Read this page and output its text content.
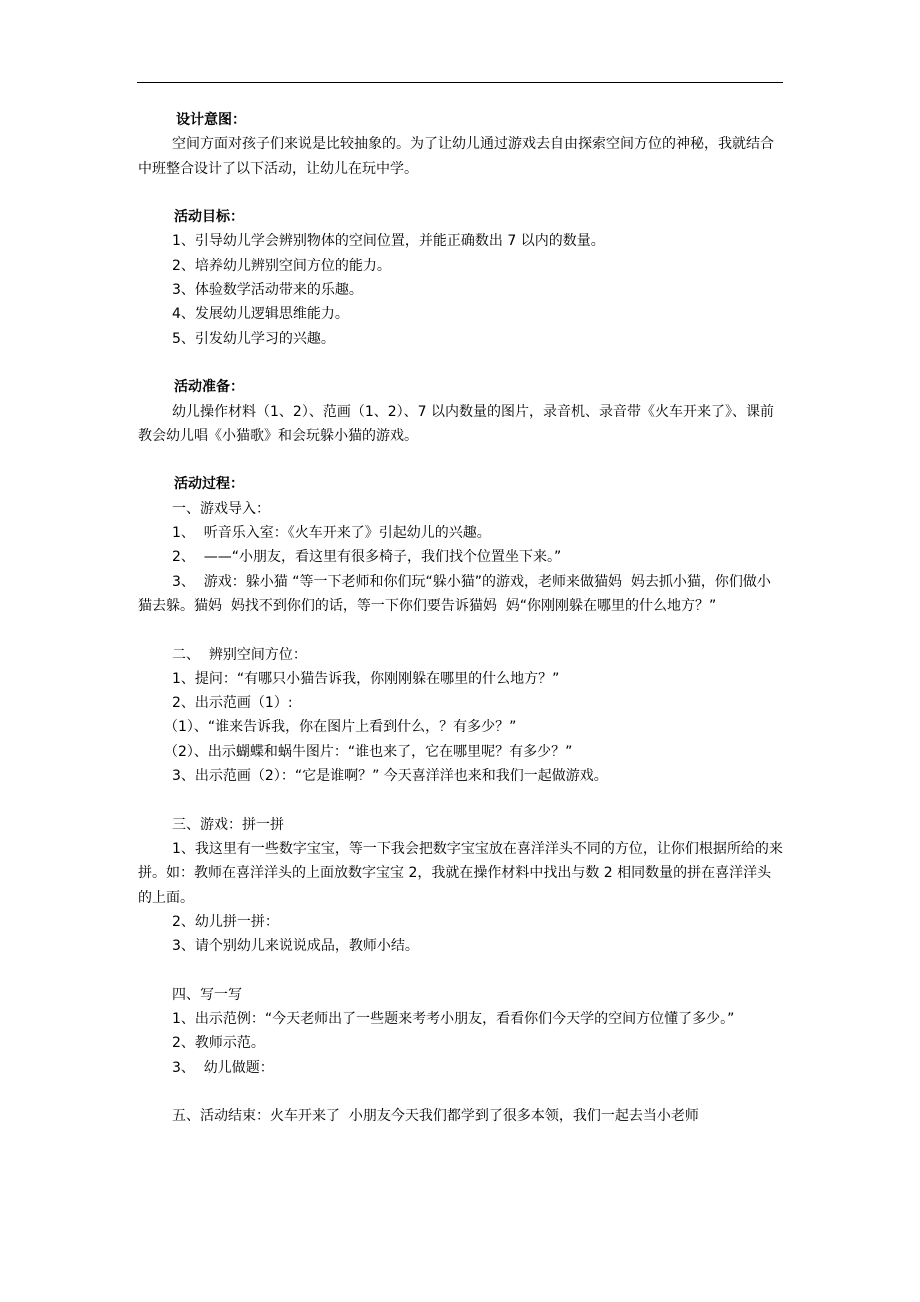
设计意图：

空间方面对孩子们来说是比较抽象的。为了让幼儿通过游戏去自由探索空间方位的神秘，我就结合中班整合设计了以下活动，让幼儿在玩中学。

活动目标：

1、引导幼儿学会辨别物体的空间位置，并能正确数出 7 以内的数量。

2、培养幼儿辨别空间方位的能力。

3、体验数学活动带来的乐趣。

4、发展幼儿逻辑思维能力。

5、引发幼儿学习的兴趣。

活动准备：

幼儿操作材料（1、2）、范画（1、2）、7 以内数量的图片，录音机、录音带《火车开来了》、课前教会幼儿唱《小猫歌》和会玩躲小猫的游戏。

活动过程：

一、游戏导入：

1、  听音乐入室：《火车开来了》引起幼儿的兴趣。

2、  ——“小朋友，看这里有很多椅子，我们找个位置坐下来。”

3、  游戏：躲小猫 “等一下老师和你们玩“躲小猫”的游戏，老师来做猫妈  妈去抓小猫，你们做小猫去躲。猫妈  妈找不到你们的话，等一下你们要告诉猫妈  妈“你刚刚躲在哪里的什么地方？”

二、  辨别空间方位：

1、提问：“有哪只小猫告诉我，你刚刚躲在哪里的什么地方？”

2、出示范画（1）:

（1）、“谁来告诉我，你在图片上看到什么，？有多少？”

（2）、出示蝴蝶和蜗牛图片：“谁也来了，它在哪里呢？有多少？”

3、出示范画（2）：“它是谁啊？” 今天喜洋洋也来和我们一起做游戏。

三、游戏：拼一拼

1、我这里有一些数字宝宝，等一下我会把数字宝宝放在喜洋洋头不同的方位，让你们根据所给的来拼。如：教师在喜洋洋头的上面放数字宝宝 2，我就在操作材料中找出与数 2 相同数量的拼在喜洋洋头的上面。

2、幼儿拼一拼：

3、请个别幼儿来说说成品，教师小结。

四、写一写

1、出示范例：“今天老师出了一些题来考考小朋友，看看你们今天学的空间方位懂了多少。”

2、教师示范。

3、  幼儿做题：

五、活动结束：火车开来了  小朋友今天我们都学到了很多本领，我们一起去当小老师
